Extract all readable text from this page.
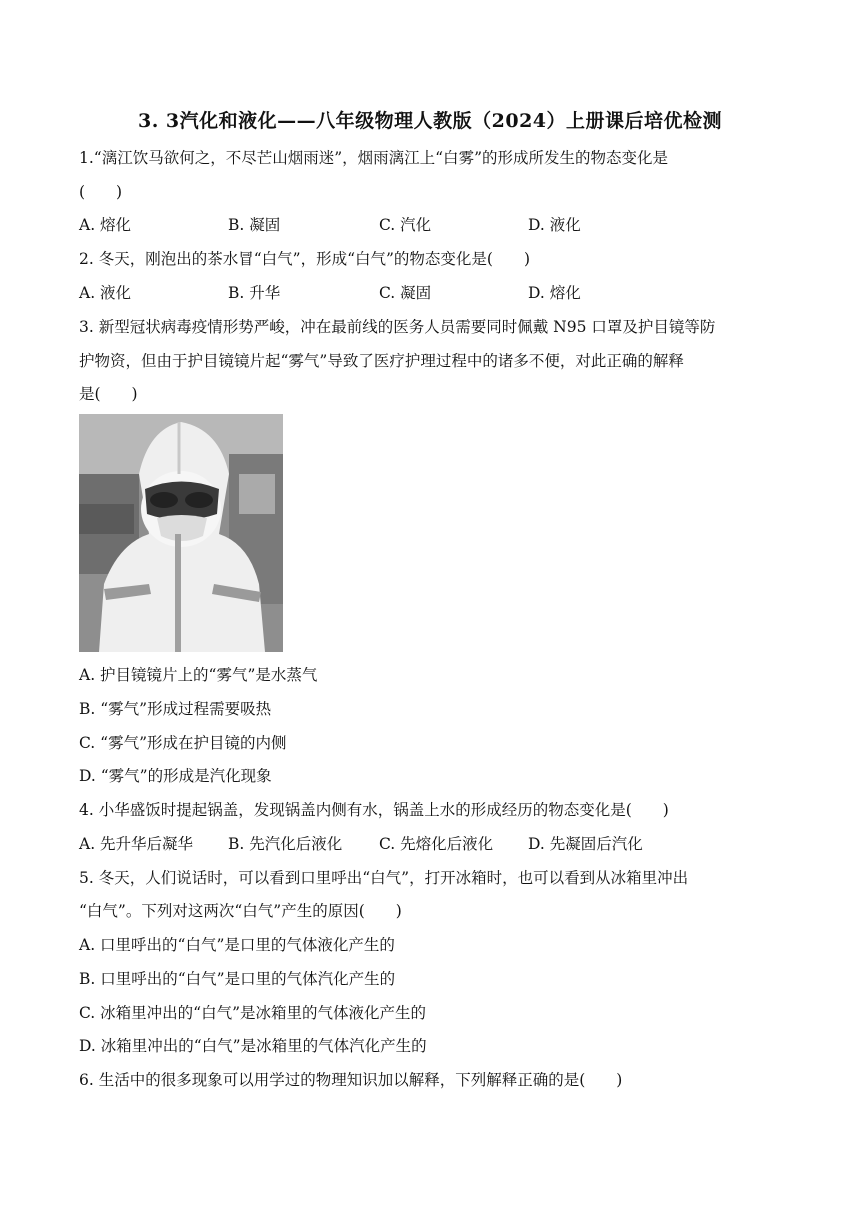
3. 3汽化和液化——八年级物理人教版（2024）上册课后培优检测
1.“漓江饮马欲何之，不尽芒山烟雨迷”，烟雨漓江上“白雾”的形成所发生的物态变化是
(　　)
A. 熔化	B. 凝固	C. 汽化	D. 液化
2. 冬天，刚泡出的茶水冒“白气”，形成“白气”的物态变化是(　　)
A. 液化	B. 升华	C. 凝固	D. 熔化
3. 新型冠状病毒疫情形势严峻，冲在最前线的医务人员需要同时佩戴 N95 口罩及护目镜等防
护物资，但由于护目镜镜片起“雾气”导致了医疗护理过程中的诸多不便，对此正确的解释
是(　　)
A. 护目镜镜片上的“雾气”是水蒸气
B. “雾气”形成过程需要吸热
C. “雾气”形成在护目镜的内侧
D. “雾气”的形成是汽化现象
4. 小华盛饭时提起锅盖，发现锅盖内侧有水，锅盖上水的形成经历的物态变化是(　　)
A. 先升华后凝华 B. 先汽化后液化 C. 先熔化后液化 D. 先凝固后汽化
5. 冬天，人们说话时，可以看到口里呼出“白气”，打开冰箱时，也可以看到从冰箱里冲出
“白气”。下列对这两次“白气”产生的原因(　　)
A. 口里呼出的“白气”是口里的气体液化产生的
B. 口里呼出的“白气”是口里的气体汽化产生的
C. 冰箱里冲出的“白气”是冰箱里的气体液化产生的
D. 冰箱里冲出的“白气”是冰箱里的气体汽化产生的
6. 生活中的很多现象可以用学过的物理知识加以解释，下列解释正确的是(　　)
